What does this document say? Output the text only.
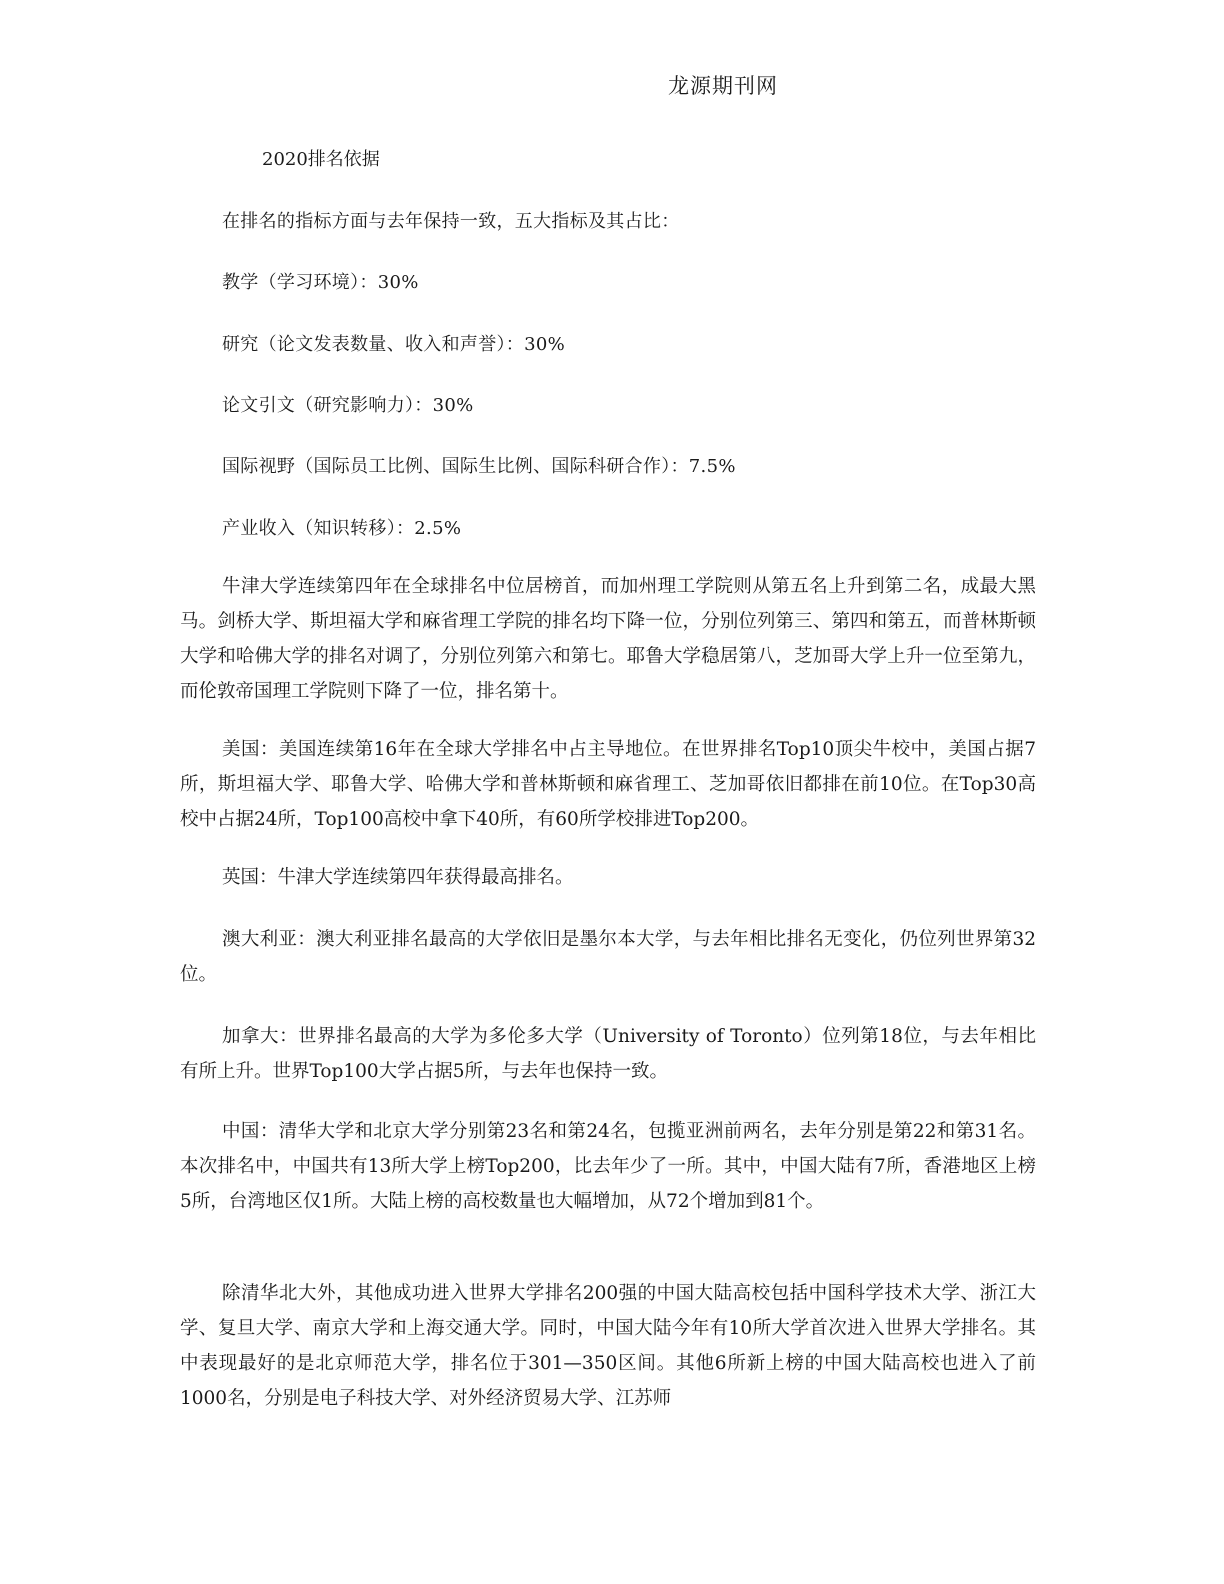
龙源期刊网
2020排名依据
在排名的指标方面与去年保持一致，五大指标及其占比：
教学（学习环境）：30%
研究（论文发表数量、收入和声誉）：30%
论文引文（研究影响力）：30%
国际视野（国际员工比例、国际生比例、国际科研合作）：7.5%
产业收入（知识转移）：2.5%

牛津大学连续第四年在全球排名中位居榜首，而加州理工学院则从第五名上升到第二名，成最大黑马。剑桥大学、斯坦福大学和麻省理工学院的排名均下降一位，分别位列第三、第四和第五，而普林斯顿大学和哈佛大学的排名对调了，分别位列第六和第七。耶鲁大学稳居第八，芝加哥大学上升一位至第九，而伦敦帝国理工学院则下降了一位，排名第十。

美国：美国连续第16年在全球大学排名中占主导地位。在世界排名Top10顶尖牛校中，美国占据7所，斯坦福大学、耶鲁大学、哈佛大学和普林斯顿和麻省理工、芝加哥依旧都排在前10位。在Top30高校中占据24所，Top100高校中拿下40所，有60所学校排进Top200。

英国：牛津大学连续第四年获得最高排名。

澳大利亚：澳大利亚排名最高的大学依旧是墨尔本大学，与去年相比排名无变化，仍位列世界第32位。

加拿大：世界排名最高的大学为多伦多大学（University of Toronto）位列第18位，与去年相比有所上升。世界Top100大学占据5所，与去年也保持一致。

中国：清华大学和北京大学分别第23名和第24名，包揽亚洲前两名，去年分别是第22和第31名。本次排名中，中国共有13所大学上榜Top200，比去年少了一所。其中，中国大陆有7所，香港地区上榜5所，台湾地区仅1所。大陆上榜的高校数量也大幅增加，从72个增加到81个。

除清华北大外，其他成功进入世界大学排名200强的中国大陆高校包括中国科学技术大学、浙江大学、复旦大学、南京大学和上海交通大学。同时，中国大陆今年有10所大学首次进入世界大学排名。其中表现最好的是北京师范大学，排名位于301—350区间。其他6所新上榜的中国大陆高校也进入了前1000名，分别是电子科技大学、对外经济贸易大学、江苏师
